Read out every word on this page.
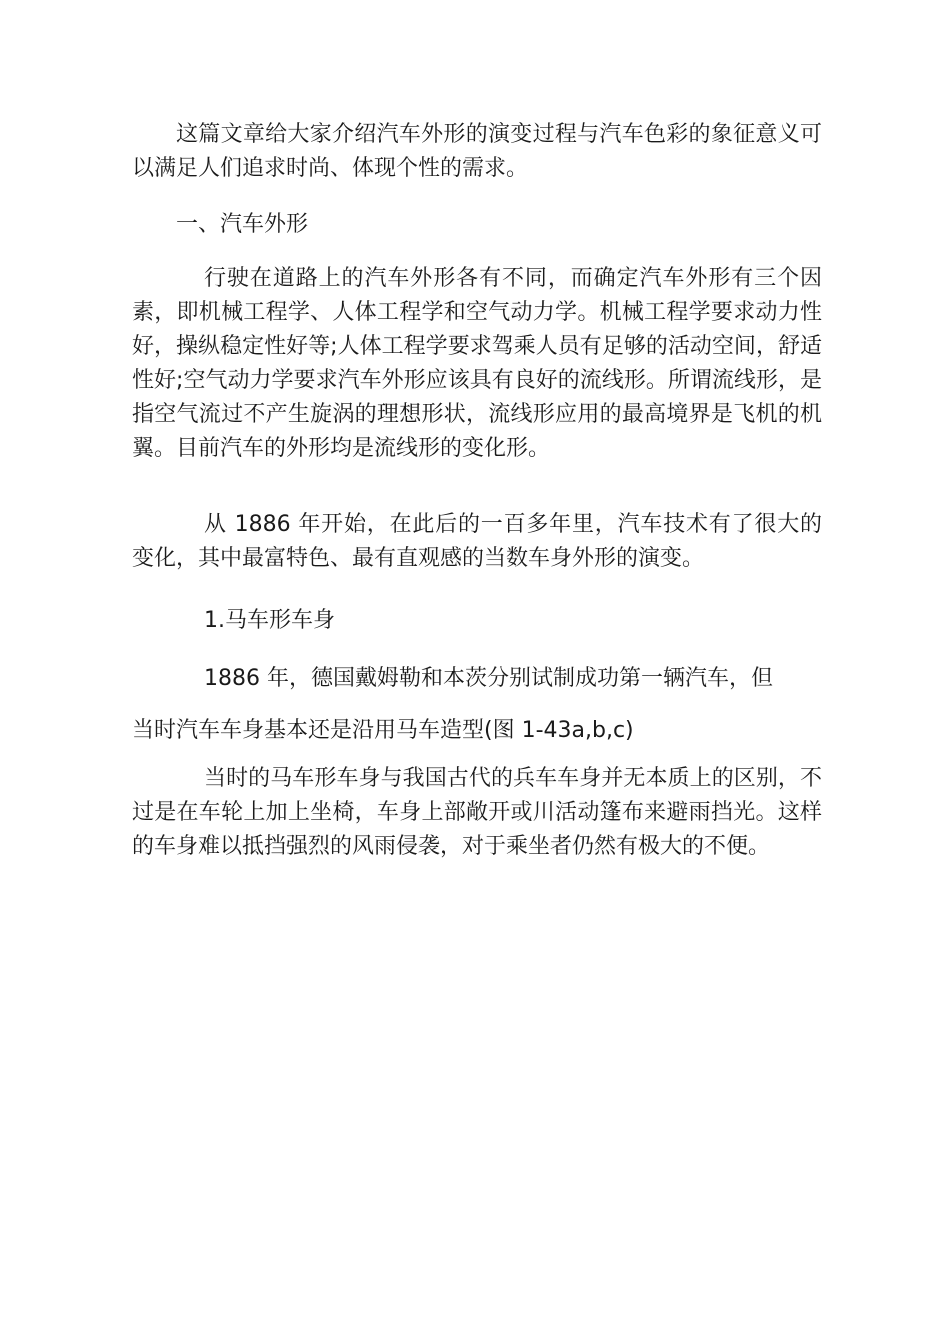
这篇文章给大家介绍汽车外形的演变过程与汽车色彩的象征意义可以满足人们追求时尚、体现个性的需求。

一、汽车外形

行驶在道路上的汽车外形各有不同，而确定汽车外形有三个因素，即机械工程学、人体工程学和空气动力学。机械工程学要求动力性好，操纵稳定性好等;人体工程学要求驾乘人员有足够的活动空间，舒适性好;空气动力学要求汽车外形应该具有良好的流线形。所谓流线形，是指空气流过不产生旋涡的理想形状，流线形应用的最高境界是飞机的机翼。目前汽车的外形均是流线形的变化形。

从 1886 年开始，在此后的一百多年里，汽车技术有了很大的变化，其中最富特色、最有直观感的当数车身外形的演变。

1.马车形车身

1886 年，德国戴姆勒和本茨分别试制成功第一辆汽车，但

当时汽车车身基本还是沿用马车造型(图 1-43a,b,c)

当时的马车形车身与我国古代的兵车车身并无本质上的区别，不过是在车轮上加上坐椅，车身上部敞开或川活动篷布来避雨挡光。这样的车身难以抵挡强烈的风雨侵袭，对于乘坐者仍然有极大的不便。
